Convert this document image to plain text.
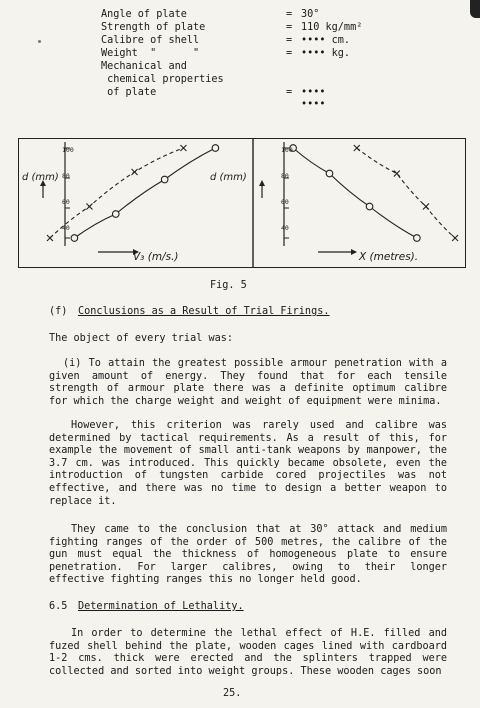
Angle of plate	= 30°
Strength of plate	= 110 kg/mm²
Calibre of shell	= •••• cm.
Weight  "      "	= •••• kg.
Mechanical and
chemical properties
of plate	= ••••
••••
d (mm)	d (mm)
V₃ (m/s.)	X (metres).
100
80
60
40
100
80
60
40
Fig. 5
(f) Conclusions as a Result of Trial Firings.

The object of every trial was:

(i) To attain the greatest possible armour penetration with a given amount of energy. They found that for each tensile strength of armour plate there was a definite optimum calibre for which the charge weight and weight of equipment were minima.

However, this criterion was rarely used and calibre was determined by tactical requirements. As a result of this, for example the movement of small anti-tank weapons by manpower, the 3.7 cm. was introduced. This quickly became obsolete, even the introduction of tungsten carbide cored projectiles was not effective, and there was no time to design a better weapon to replace it.

They came to the conclusion that at 30° attack and medium fighting ranges of the order of 500 metres, the calibre of the gun must equal the thickness of homogeneous plate to ensure penetration. For larger calibres, owing to their longer effective fighting ranges this no longer held good.

6.5 Determination of Lethality.

In order to determine the lethal effect of H.E. filled and fuzed shell behind the plate, wooden cages lined with cardboard 1-2 cms. thick were erected and the splinters trapped were collected and sorted into weight groups. These wooden cages soon

25.
